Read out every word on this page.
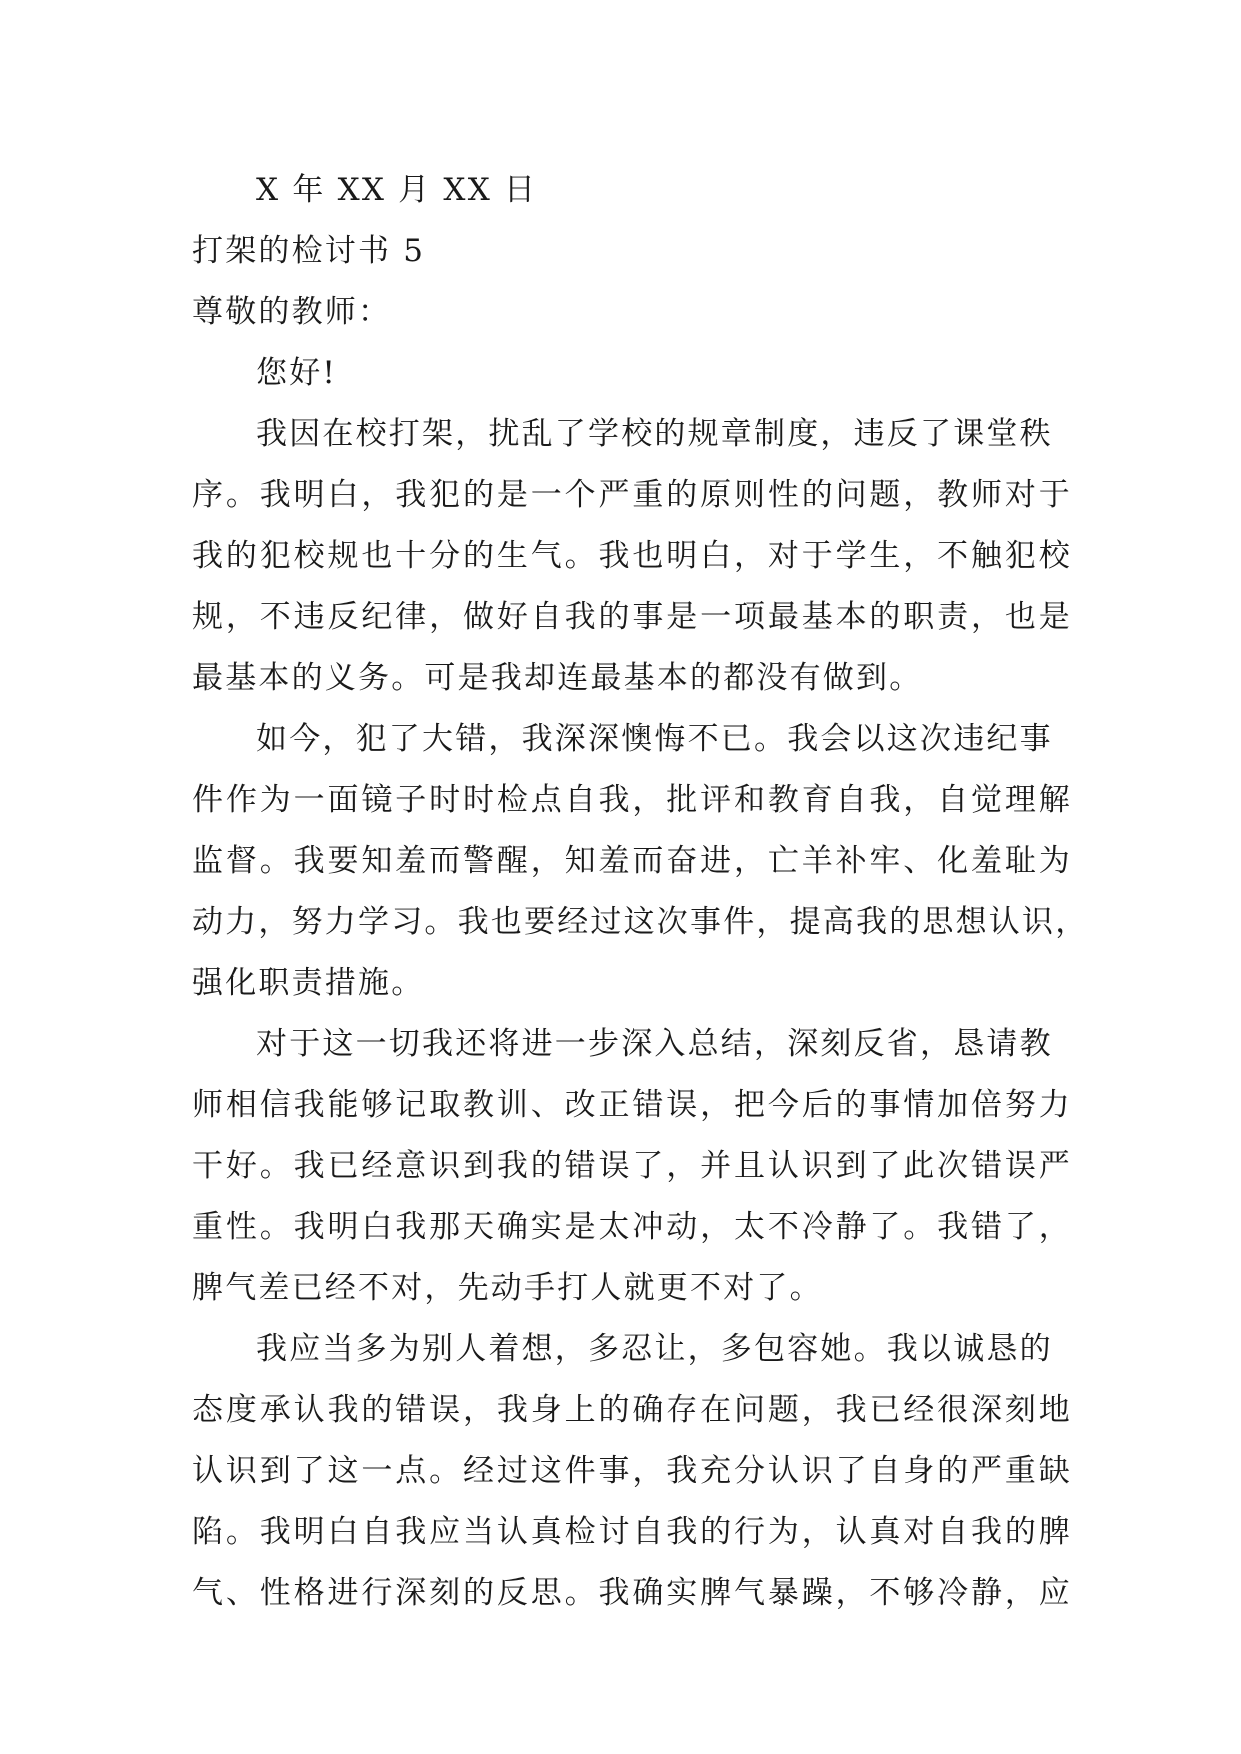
X 年 XX 月 XX 日
打架的检讨书 5
尊敬的教师：
您好!
我因在校打架，扰乱了学校的规章制度，违反了课堂秩
序。我明白，我犯的是一个严重的原则性的问题，教师对于
我的犯校规也十分的生气。我也明白，对于学生，不触犯校
规，不违反纪律，做好自我的事是一项最基本的职责，也是
最基本的义务。可是我却连最基本的都没有做到。
如今，犯了大错，我深深懊悔不已。我会以这次违纪事
件作为一面镜子时时检点自我，批评和教育自我，自觉理解
监督。我要知羞而警醒，知羞而奋进，亡羊补牢、化羞耻为
动力，努力学习。我也要经过这次事件，提高我的思想认识，
强化职责措施。
对于这一切我还将进一步深入总结，深刻反省，恳请教
师相信我能够记取教训、改正错误，把今后的事情加倍努力
干好。我已经意识到我的错误了，并且认识到了此次错误严
重性。我明白我那天确实是太冲动，太不冷静了。我错了，
脾气差已经不对，先动手打人就更不对了。
我应当多为别人着想，多忍让，多包容她。我以诚恳的
态度承认我的错误，我身上的确存在问题，我已经很深刻地
认识到了这一点。经过这件事，我充分认识了自身的严重缺
陷。我明白自我应当认真检讨自我的行为，认真对自我的脾
气、性格进行深刻的反思。我确实脾气暴躁，不够冷静，应
